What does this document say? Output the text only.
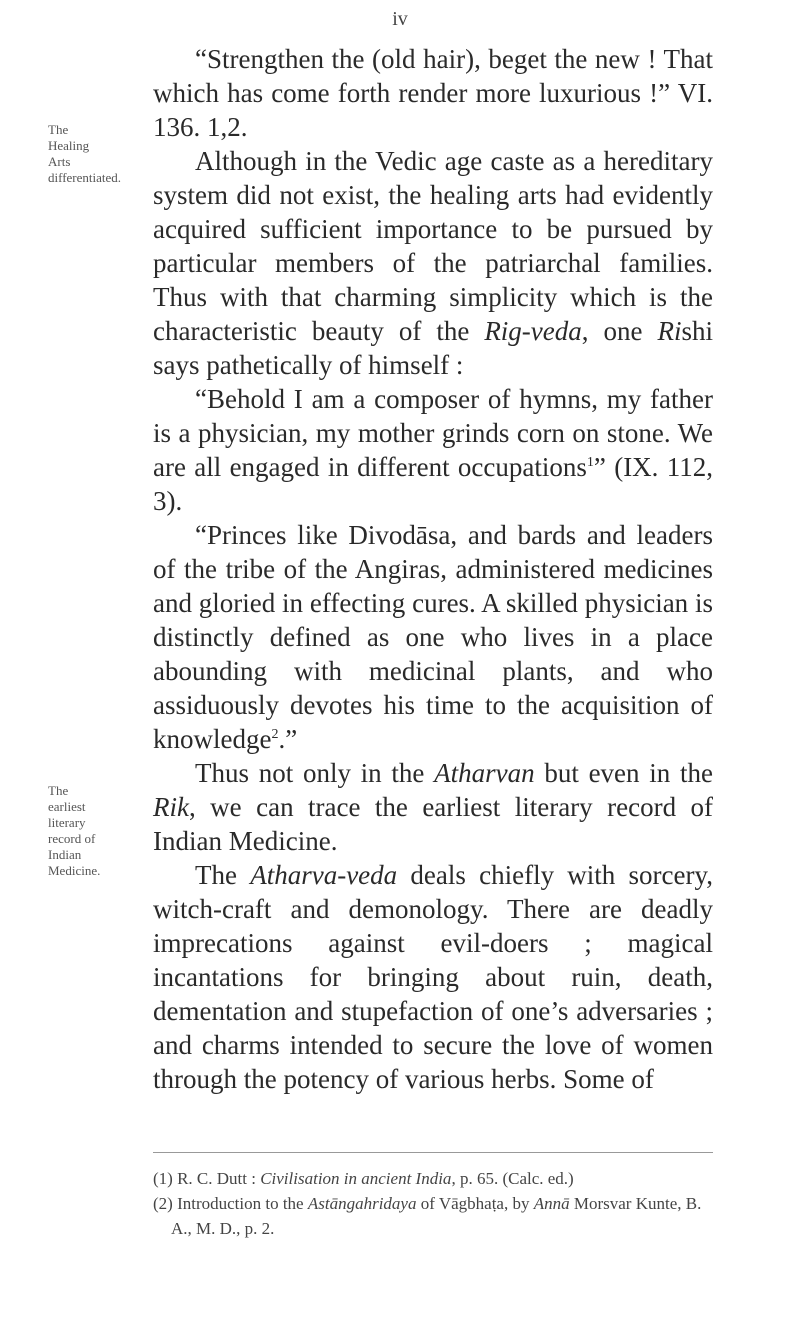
iv
The Healing Arts differentiated.
The earliest literary record of Indian Medicine.

“Strengthen the (old hair), beget the new ! That which has come forth render more luxurious !” VI. 136. 1,2.

Although in the Vedic age caste as a hereditary system did not exist, the healing arts had evidently acquired sufficient importance to be pursued by particular members of the patriarchal families. Thus with that charming simplicity which is the characteristic beauty of the Rig-veda, one Rishi says pathetically of himself :

“Behold I am a composer of hymns, my father is a physician, my mother grinds corn on stone. We are all engaged in different occupations$^1$” (IX. 112, 3).

“Princes like Divodāsa, and bards and leaders of the tribe of the Angiras, administered medicines and gloried in effecting cures. A skilled physician is distinctly defined as one who lives in a place abounding with medicinal plants, and who assiduously devotes his time to the acquisition of knowledge$^2$.”

Thus not only in the Atharvan but even in the Rik, we can trace the earliest literary record of Indian Medicine.

The Atharva-veda deals chiefly with sorcery, witch-craft and demonology. There are deadly imprecations against evil-doers ; magical incantations for bringing about ruin, death, dementation and stupefaction of one’s adversaries ; and charms intended to secure the love of women through the potency of various herbs. Some of

(1) R. C. Dutt : Civilisation in ancient India, p. 65. (Calc. ed.)

(2) Introduction to the Astāngahridaya of Vāgbhaṭa, by Annā Morsvar Kunte, B. A., M. D., p. 2.
